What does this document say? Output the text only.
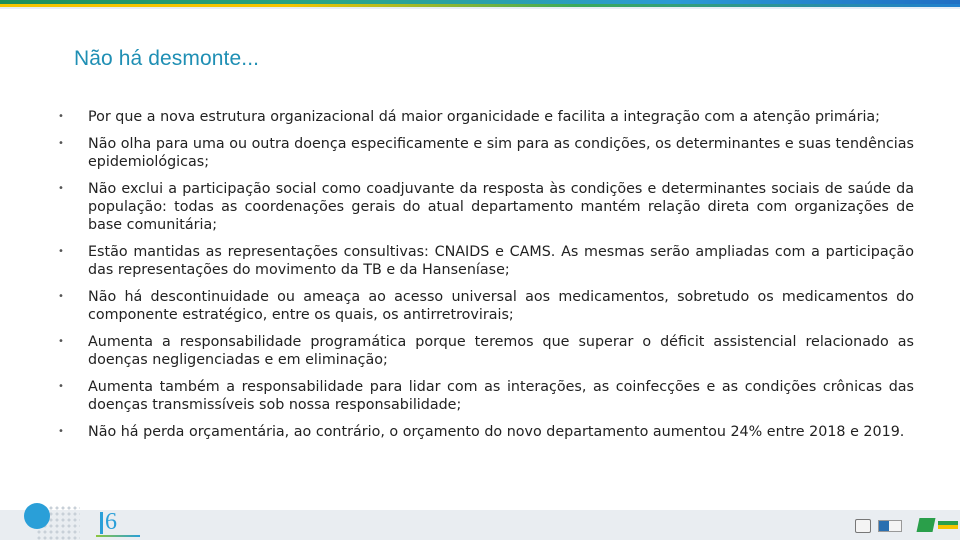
Não há desmonte...
• Por que a nova estrutura organizacional dá maior organicidade e facilita a integração com a atenção primária;
• Não olha para uma ou outra doença especificamente e sim para as condições, os determinantes e suas tendências epidemiológicas;
• Não exclui a participação social como coadjuvante da resposta às condições e determinantes sociais de saúde da população: todas as coordenações gerais do atual departamento mantém relação direta com organizações de base comunitária;
• Estão mantidas as representações consultivas: CNAIDS e CAMS. As mesmas serão ampliadas com a participação das representações do movimento da TB e da Hanseníase;
• Não há descontinuidade ou ameaça ao acesso universal aos medicamentos, sobretudo os medicamentos do componente estratégico, entre os quais, os antirretrovirais;
• Aumenta a responsabilidade programática porque teremos que superar o déficit assistencial relacionado as doenças negligenciadas e em eliminação;
• Aumenta também a responsabilidade para lidar com as interações, as coinfecções e as condições crônicas das doenças transmissíveis sob nossa responsabilidade;
• Não há perda orçamentária, ao contrário, o orçamento do novo departamento aumentou 24% entre 2018 e 2019.
6
